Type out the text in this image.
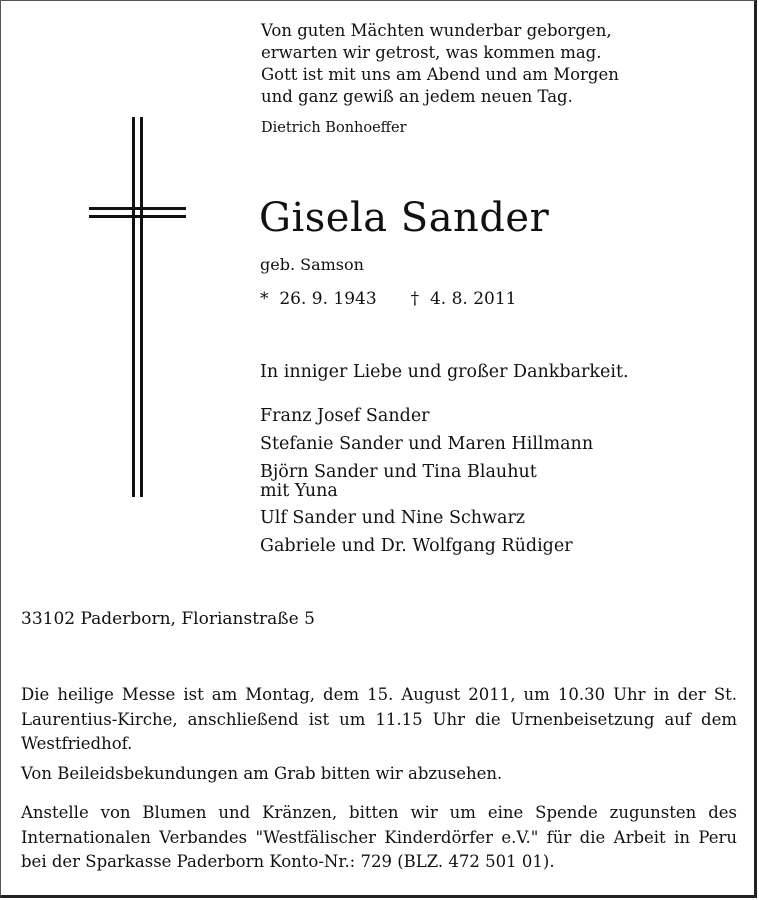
Von guten Mächten wunderbar geborgen,
erwarten wir getrost, was kommen mag.
Gott ist mit uns am Abend und am Morgen
und ganz gewiß an jedem neuen Tag.
Dietrich Bonhoeffer
Gisela Sander
geb. Samson
* 26. 9. 1943 † 4. 8. 2011
In inniger Liebe und großer Dankbarkeit.
Franz Josef Sander
Stefanie Sander und Maren Hillmann
Björn Sander und Tina Blauhut
mit Yuna
Ulf Sander und Nine Schwarz
Gabriele und Dr. Wolfgang Rüdiger
33102 Paderborn, Florianstraße 5
Die heilige Messe ist am Montag, dem 15. August 2011, um 10.30 Uhr in der St. Laurentius-Kirche, anschließend ist um 11.15 Uhr die Urnenbeisetzung auf dem Westfriedhof.
Von Beileidsbekundungen am Grab bitten wir abzusehen.
Anstelle von Blumen und Kränzen, bitten wir um eine Spende zugunsten des Internationalen Verbandes "Westfälischer Kinderdörfer e.V." für die Arbeit in Peru bei der Sparkasse Paderborn Konto-Nr.: 729 (BLZ. 472 501 01).
